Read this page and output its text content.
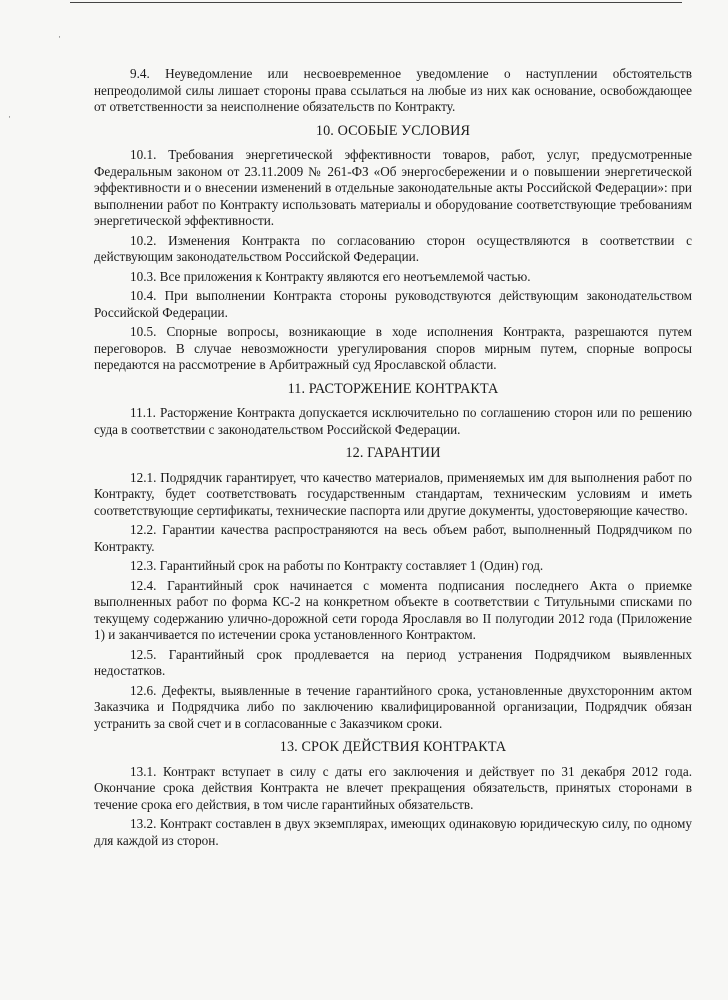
·
·

9.4. Неуведомление или несвоевременное уведомление о наступлении обстоятельств непреодолимой силы лишает стороны права ссылаться на любые из них как основание, освобождающее от ответственности за неисполнение обязательств по Контракту.

10. ОСОБЫЕ УСЛОВИЯ

10.1. Требования энергетической эффективности товаров, работ, услуг, предусмотренные Федеральным законом от 23.11.2009 № 261-ФЗ «Об энергосбережении и о повышении энергетической эффективности и о внесении изменений в отдельные законодательные акты Российской Федерации»: при выполнении работ по Контракту использовать материалы и оборудование соответствующие требованиям энергетической эффективности.

10.2. Изменения Контракта по согласованию сторон осуществляются в соответствии с действующим законодательством Российской Федерации.

10.3. Все приложения к Контракту являются его неотъемлемой частью.

10.4. При выполнении Контракта стороны руководствуются действующим законодательством Российской Федерации.

10.5. Спорные вопросы, возникающие в ходе исполнения Контракта, разрешаются путем переговоров. В случае невозможности урегулирования споров мирным путем, спорные вопросы передаются на рассмотрение в Арбитражный суд Ярославской области.

11. РАСТОРЖЕНИЕ КОНТРАКТА

11.1. Расторжение Контракта допускается исключительно по соглашению сторон или по решению суда в соответствии с законодательством Российской Федерации.

12. ГАРАНТИИ

12.1. Подрядчик гарантирует, что качество материалов, применяемых им для выполнения работ по Контракту, будет соответствовать государственным стандартам, техническим условиям и иметь соответствующие сертификаты, технические паспорта или другие документы, удостоверяющие качество.

12.2. Гарантии качества распространяются на весь объем работ, выполненный Подрядчиком по Контракту.

12.3. Гарантийный срок на работы по Контракту составляет 1 (Один) год.

12.4. Гарантийный срок начинается с момента подписания последнего Акта о приемке выполненных работ по форма КС-2 на конкретном объекте в соответствии с Титульными списками по текущему содержанию улично-дорожной сети города Ярославля во II полугодии 2012 года (Приложение 1) и заканчивается по истечении срока установленного Контрактом.

12.5. Гарантийный срок продлевается на период устранения Подрядчиком выявленных недостатков.

12.6. Дефекты, выявленные в течение гарантийного срока, установленные двухсторонним актом Заказчика и Подрядчика либо по заключению квалифицированной организации, Подрядчик обязан устранить за свой счет и в согласованные с Заказчиком сроки.

13. СРОК ДЕЙСТВИЯ КОНТРАКТА

13.1. Контракт вступает в силу с даты его заключения и действует по 31 декабря 2012 года. Окончание срока действия Контракта не влечет прекращения обязательств, принятых сторонами в течение срока его действия, в том числе гарантийных обязательств.

13.2. Контракт составлен в двух экземплярах, имеющих одинаковую юридическую силу, по одному для каждой из сторон.
